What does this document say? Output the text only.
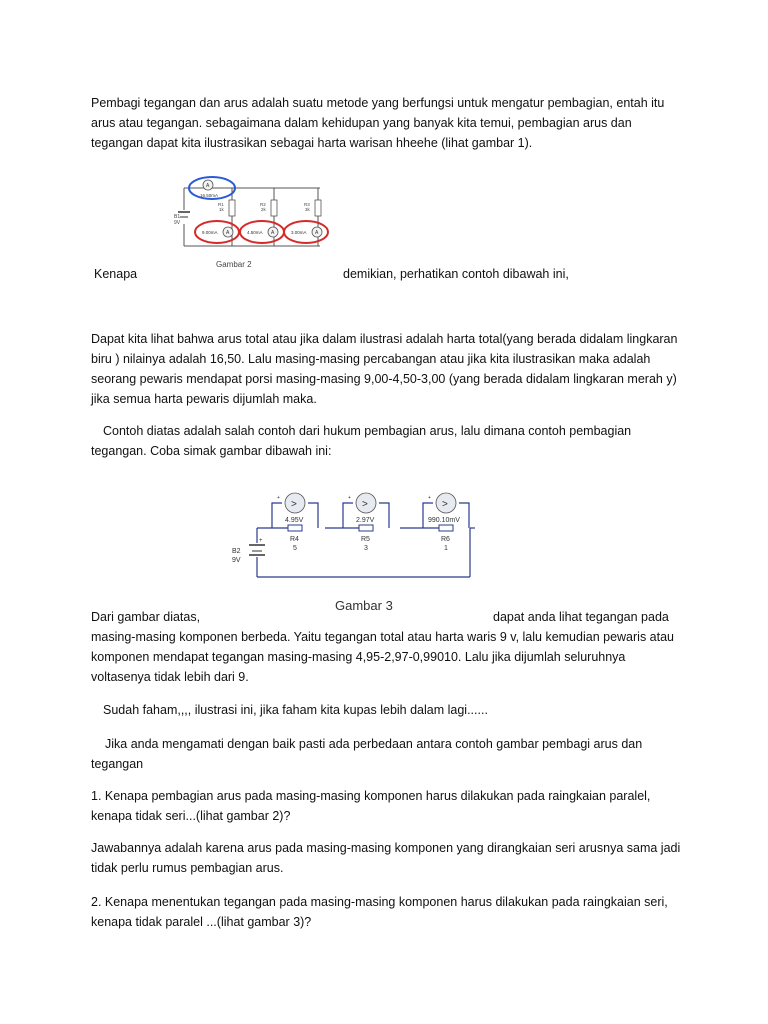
Pembagi tegangan dan arus adalah suatu metode yang berfungsi untuk mengatur pembagian, entah itu arus atau tegangan. sebagaimana dalam kehidupan yang banyak kita temui, pembagian arus dan tegangan dapat kita ilustrasikan sebagai harta warisan hheehe (lihat gambar 1).

B1
9V
R1
1k
R2
2k
R3
3k
A
16.50mA
A
9.00mA	A
4.50mA	A
3.00mA
Gambar 2
Kenapa	demikian, perhatikan contoh dibawah ini,

Dapat kita lihat bahwa arus total atau jika dalam ilustrasi adalah harta total(yang berada didalam lingkaran biru ) nilainya adalah 16,50. Lalu masing-masing percabangan atau jika kita ilustrasikan maka adalah seorang pewaris mendapat porsi masing-masing 9,00-4,50-3,00 (yang berada didalam lingkaran merah y) jika semua harta pewaris dijumlah maka.

Contoh diatas adalah salah contoh dari hukum pembagian arus, lalu dimana contoh pembagian tegangan. Coba simak gambar dibawah ini:

>	>	>
+	+	+
4.95V	2.97V	990.10mV
R4
5
R5
3
R6
1
+
B2
9V
Gambar 3
Dari gambar diatas,	dapat anda lihat tegangan pada

masing-masing komponen berbeda. Yaitu tegangan total atau harta waris 9 v, lalu kemudian pewaris atau komponen mendapat tegangan masing-masing 4,95-2,97-0,99010. Lalu jika dijumlah seluruhnya voltasenya tidak lebih dari 9.

Sudah faham,,,, ilustrasi ini, jika faham kita kupas lebih dalam lagi......

Jika anda mengamati dengan baik pasti ada perbedaan antara contoh gambar pembagi arus dan tegangan

1. Kenapa pembagian arus pada masing-masing komponen harus dilakukan pada raingkaian paralel, kenapa tidak seri...(lihat gambar 2)?

Jawabannya adalah karena arus pada masing-masing komponen yang dirangkaian seri arusnya sama jadi tidak perlu rumus pembagian arus.

2. Kenapa menentukan tegangan pada masing-masing komponen harus dilakukan pada raingkaian seri, kenapa tidak paralel ...(lihat gambar 3)?
